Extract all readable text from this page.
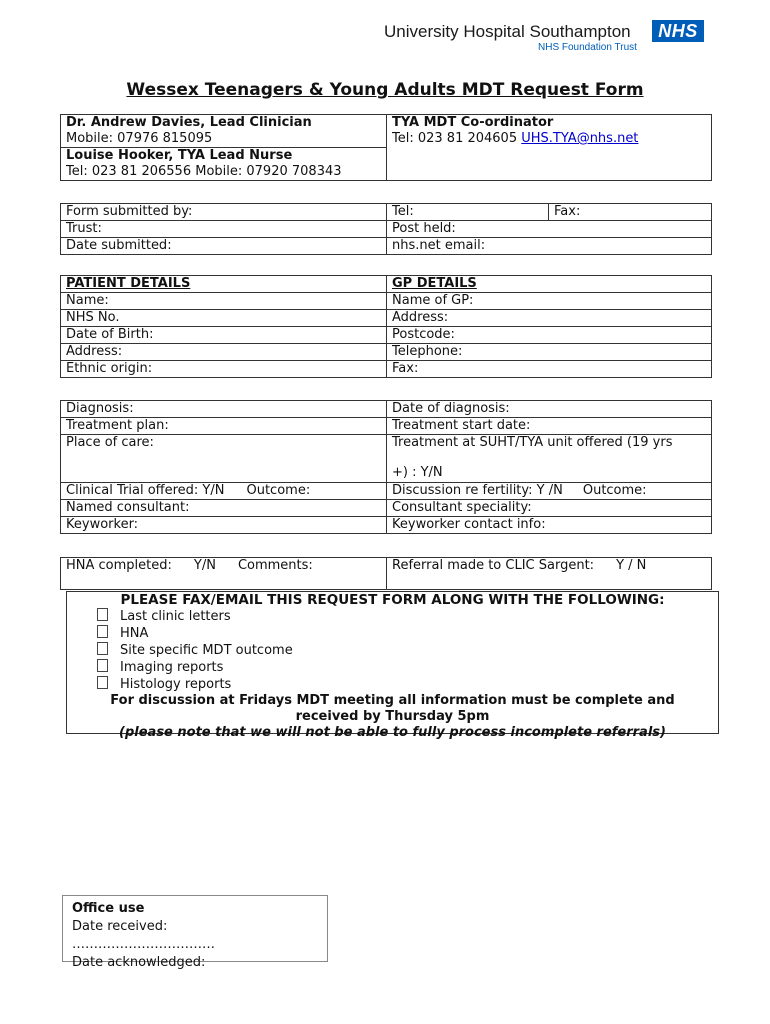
University Hospital Southampton
NHS Foundation Trust
NHS
Wessex Teenagers & Young Adults MDT Request Form
Dr. Andrew Davies, Lead Clinician
Mobile: 07976 815095

TYA MDT Co-ordinator
Tel: 023 81 204605 UHS.TYA@nhs.net

Louise Hooker, TYA Lead Nurse
Tel: 023 81 206556 Mobile: 07920 708343
Form submitted by:	Tel:	Fax:
Trust:	Post held:	
Date submitted:	nhs.net email:	
PATIENT DETAILS	GP DETAILS
Name:	Name of GP:
NHS No.	Address:
Date of Birth:	Postcode:
Address:	Telephone:
Ethnic origin:	Fax:
Diagnosis:	Date of diagnosis:
Treatment plan:	Treatment start date:
Place of care:	Treatment at SUHT/TYA unit offered (19 yrs
+) : Y/N

Clinical Trial offered: Y/N Outcome:	Discussion re fertility: Y /N Outcome:
Named consultant:	Consultant speciality:
Keyworker:	Keyworker contact info:
HNA completed: Y/N Comments:	Referral made to CLIC Sargent: Y / N
PLEASE FAX/EMAIL THIS REQUEST FORM ALONG WITH THE FOLLOWING:
Last clinic letters
HNA
Site specific MDT outcome
Imaging reports
Histology reports
For discussion at Fridays MDT meeting all information must be complete and
received by Thursday 5pm
(please note that we will not be able to fully process incomplete referrals)
Office use
Date received:
……………………………
Date acknowledged:
